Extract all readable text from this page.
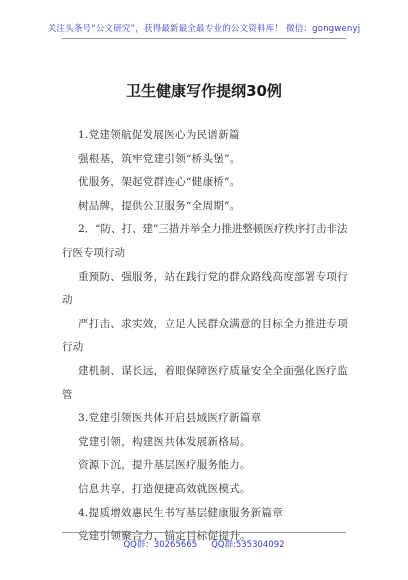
关注头条号“公文研究”，获得最新最全最专业的公文资料库！ 微信：gongwenyj
卫生健康写作提纲30例

1.党建领航促发展医心为民谱新篇

强根基，筑牢党建引领“桥头堡”。

优服务，架起党群连心“健康桥”。

树品牌，提供公卫服务“全周期”。

2．“防、打、建”三措并举全力推进整顿医疗秩序打击非法行医专项行动

重预防、强服务，站在践行党的群众路线高度部署专项行动

严打击、求实效，立足人民群众满意的目标全力推进专项行动

建机制、谋长远，着眼保障医疗质量安全全面强化医疗监管

3.党建引领医共体开启县域医疗新篇章

党建引领，构建医共体发展新格局。

资源下沉，提升基层医疗服务能力。

信息共享，打造便捷高效就医模式。

4.提质增效惠民生书写基层健康服务新篇章

党建引领聚合力，锚定目标促提升。

QQ群：30265665 QQ群:535304092
